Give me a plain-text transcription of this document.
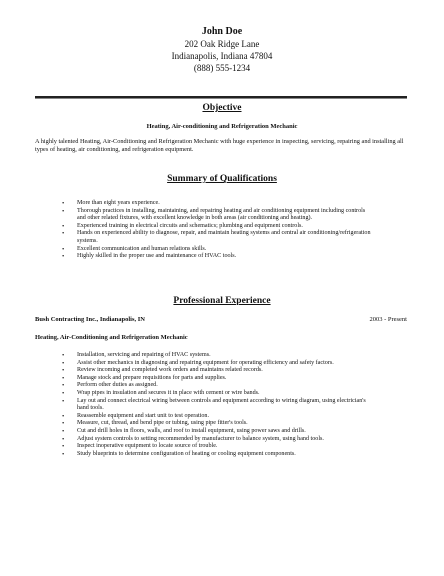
John Doe
202 Oak Ridge Lane
Indianapolis, Indiana 47804
(888) 555-1234
Objective
Heating, Air-conditioning and Refrigeration Mechanic
A highly talented Heating, Air-Conditioning and Refrigeration Mechanic with huge experience in inspecting, servicing, repairing and installing all types of heating, air conditioning, and refrigeration equipment.
Summary of Qualifications
• More than eight years experience.
• Thorough practices in installing, maintaining, and repairing heating and air conditioning equipment including controls and other related fixtures, with excellent knowledge in both areas (air conditioning and heating).
• Experienced training in electrical circuits and schematics; plumbing and equipment controls.
• Hands on experienced ability to diagnose, repair, and maintain heating systems and central air conditioning/refrigeration systems.
• Excellent communication and human relations skills.
• Highly skilled in the proper use and maintenance of HVAC tools.
Professional Experience
Bush Contracting Inc., Indianapolis, IN	2003 - Present
Heating, Air-Conditioning and Refrigeration Mechanic
• Installation, servicing and repairing of HVAC systems.
• Assist other mechanics in diagnosing and repairing equipment for operating efficiency and safety factors.
• Review incoming and completed work orders and maintains related records.
• Manage stock and prepare requisitions for parts and supplies.
• Perform other duties as assigned.
• Wrap pipes in insulation and secures it in place with cement or wire bands.
• Lay out and connect electrical wiring between controls and equipment according to wiring diagram, using electrician's hand tools.
• Reassemble equipment and start unit to test operation.
• Measure, cut, thread, and bend pipe or tubing, using pipe fitter's tools.
• Cut and drill holes in floors, walls, and roof to install equipment, using power saws and drills.
• Adjust system controls to setting recommended by manufacturer to balance system, using hand tools.
• Inspect inoperative equipment to locate source of trouble.
• Study blueprints to determine configuration of heating or cooling equipment components.
